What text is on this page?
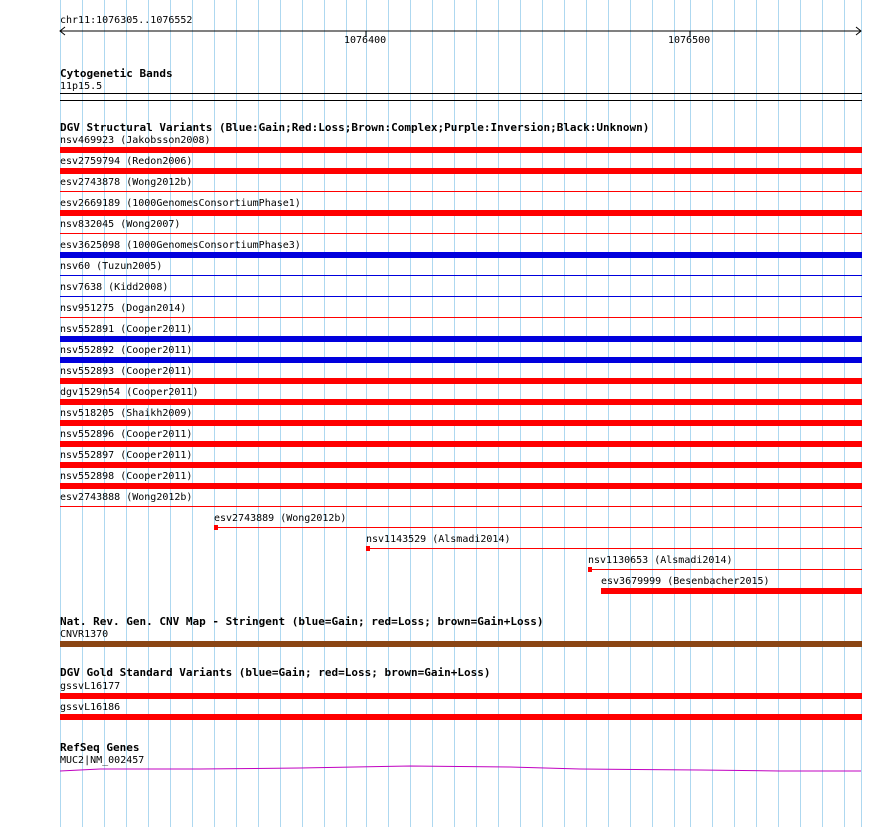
chr11:1076305..1076552
1076400	1076500
Cytogenetic Bands
11p15.5
DGV Structural Variants (Blue:Gain;Red:Loss;Brown:Complex;Purple:Inversion;Black:Unknown)
nsv469923 (Jakobsson2008)
esv2759794 (Redon2006)
esv2743878 (Wong2012b)
esv2669189 (1000GenomesConsortiumPhase1)
nsv832045 (Wong2007)
esv3625098 (1000GenomesConsortiumPhase3)
nsv60 (Tuzun2005)
nsv7638 (Kidd2008)
nsv951275 (Dogan2014)
nsv552891 (Cooper2011)
nsv552892 (Cooper2011)
nsv552893 (Cooper2011)
dgv1529n54 (Cooper2011)
nsv518205 (Shaikh2009)
nsv552896 (Cooper2011)
nsv552897 (Cooper2011)
nsv552898 (Cooper2011)
esv2743888 (Wong2012b)
esv2743889 (Wong2012b)
nsv1143529 (Alsmadi2014)
nsv1130653 (Alsmadi2014)
esv3679999 (Besenbacher2015)
Nat. Rev. Gen. CNV Map - Stringent (blue=Gain; red=Loss; brown=Gain+Loss)
CNVR1370
DGV Gold Standard Variants (blue=Gain; red=Loss; brown=Gain+Loss)
gssvL16177
gssvL16186
RefSeq Genes
MUC2|NM_002457
